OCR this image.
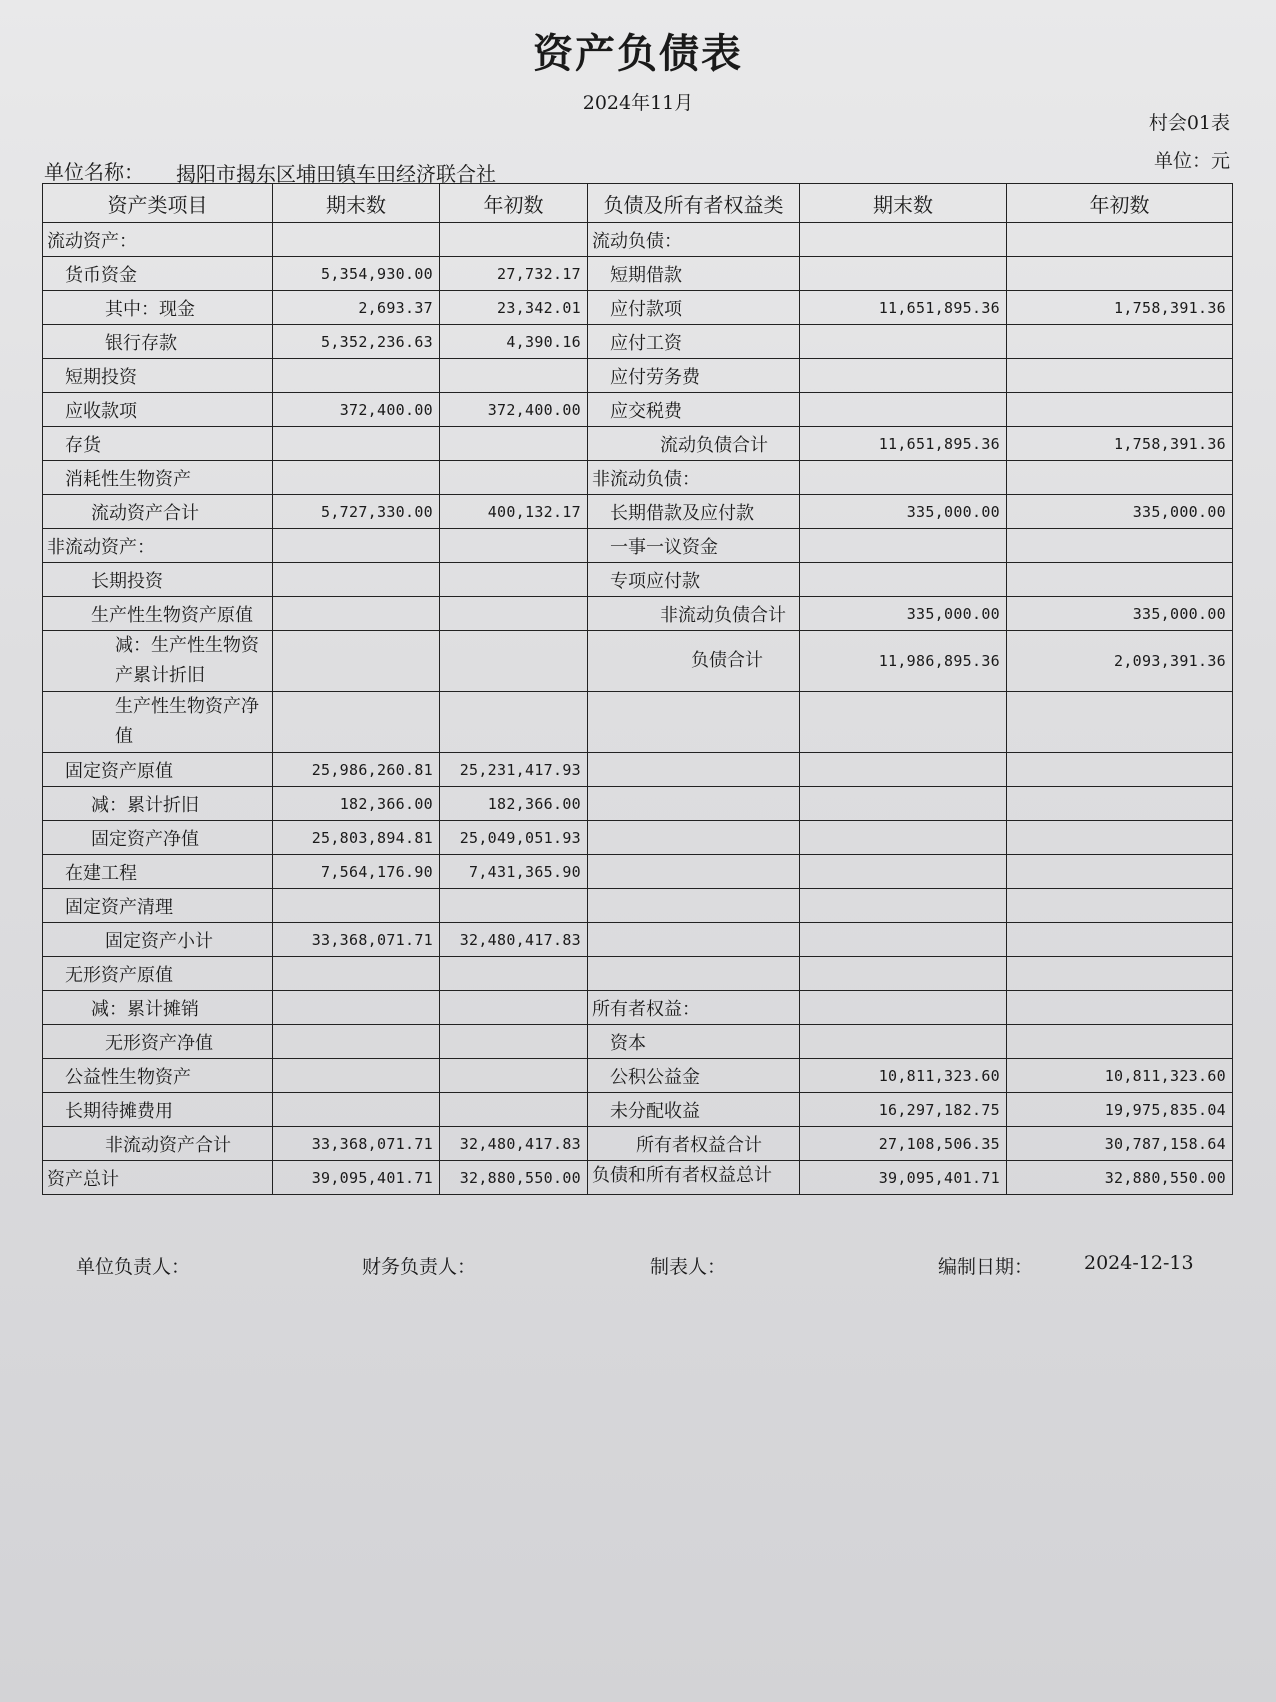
资产负债表
2024年11月
村会01表
单位：元
单位名称： 揭阳市揭东区埔田镇车田经济联合社
资产类项目	期末数	年初数	负债及所有者权益类	期末数	年初数
流动资产：			流动负债：		
货币资金	5,354,930.00	27,732.17	短期借款		
其中：现金	2,693.37	23,342.01	应付款项	11,651,895.36	1,758,391.36
银行存款	5,352,236.63	4,390.16	应付工资		
短期投资			应付劳务费		
应收款项	372,400.00	372,400.00	应交税费		
存货			流动负债合计	11,651,895.36	1,758,391.36
消耗性生物资产			非流动负债：		
流动资产合计	5,727,330.00	400,132.17	长期借款及应付款	335,000.00	335,000.00
非流动资产：			一事一议资金		
长期投资			专项应付款		
生产性生物资产原值			非流动负债合计	335,000.00	335,000.00
减：生产性生物资产累计折旧			负债合计	11,986,895.36	2,093,391.36
生产性生物资产净值					
固定资产原值	25,986,260.81	25,231,417.93			
减：累计折旧	182,366.00	182,366.00			
固定资产净值	25,803,894.81	25,049,051.93			
在建工程	7,564,176.90	7,431,365.90			
固定资产清理					
固定资产小计	33,368,071.71	32,480,417.83			
无形资产原值					
减：累计摊销			所有者权益：		
无形资产净值			资本		
公益性生物资产			公积公益金	10,811,323.60	10,811,323.60
长期待摊费用			未分配收益	16,297,182.75	19,975,835.04
非流动资产合计	33,368,071.71	32,480,417.83	所有者权益合计	27,108,506.35	30,787,158.64
资产总计	39,095,401.71	32,880,550.00	负债和所有者权益总计	39,095,401.71	32,880,550.00
单位负责人：	财务负责人：	制表人：	编制日期：	2024-12-13
